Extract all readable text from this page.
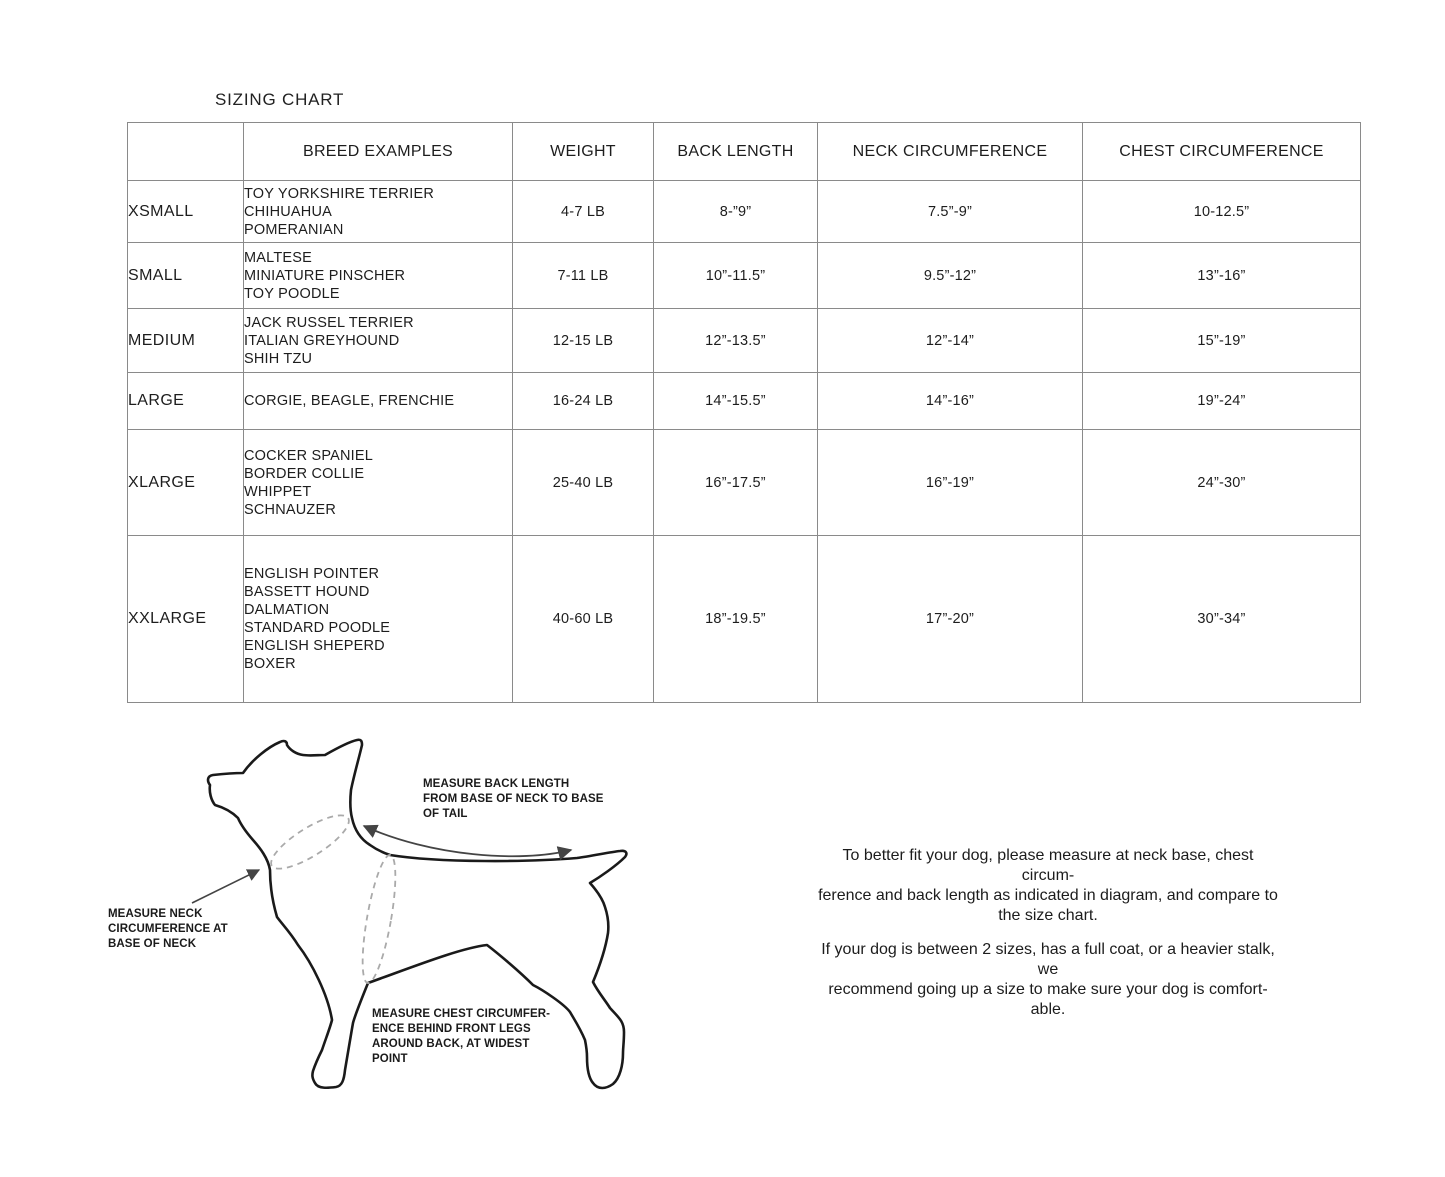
SIZING CHART
	BREED EXAMPLES	WEIGHT	BACK LENGTH	NECK CIRCUMFERENCE	CHEST CIRCUMFERENCE
XSMALL	TOY YORKSHIRE TERRIER
CHIHUAHUA
POMERANIAN	4-7 LB	8-”9”	7.5”-9”	10-12.5”
SMALL	MALTESE
MINIATURE PINSCHER
TOY POODLE	7-11 LB	10”-11.5”	9.5”-12”	13”-16”
MEDIUM	JACK RUSSEL TERRIER
ITALIAN GREYHOUND
SHIH TZU	12-15 LB	12”-13.5”	12”-14”	15”-19”
LARGE	CORGIE, BEAGLE, FRENCHIE	16-24 LB	14”-15.5”	14”-16”	19”-24”
XLARGE	COCKER SPANIEL
BORDER COLLIE
WHIPPET
SCHNAUZER	25-40 LB	16”-17.5”	16”-19”	24”-30”
XXLARGE	ENGLISH POINTER
BASSETT HOUND
DALMATION
STANDARD POODLE
ENGLISH SHEPERD
BOXER	40-60 LB	18”-19.5”	17”-20”	30”-34”
MEASURE BACK LENGTH
FROM BASE OF NECK TO BASE
OF TAIL
MEASURE NECK
CIRCUMFERENCE AT
BASE OF NECK
MEASURE CHEST CIRCUMFER-
ENCE BEHIND FRONT LEGS
AROUND BACK, AT WIDEST
POINT

To better fit your dog, please measure at neck base, chest circum-
ference and back length as indicated in diagram, and compare to
the size chart.

If your dog is between 2 sizes, has a full coat, or a heavier stalk, we
recommend going up a size to make sure your dog is comfort-
able.
